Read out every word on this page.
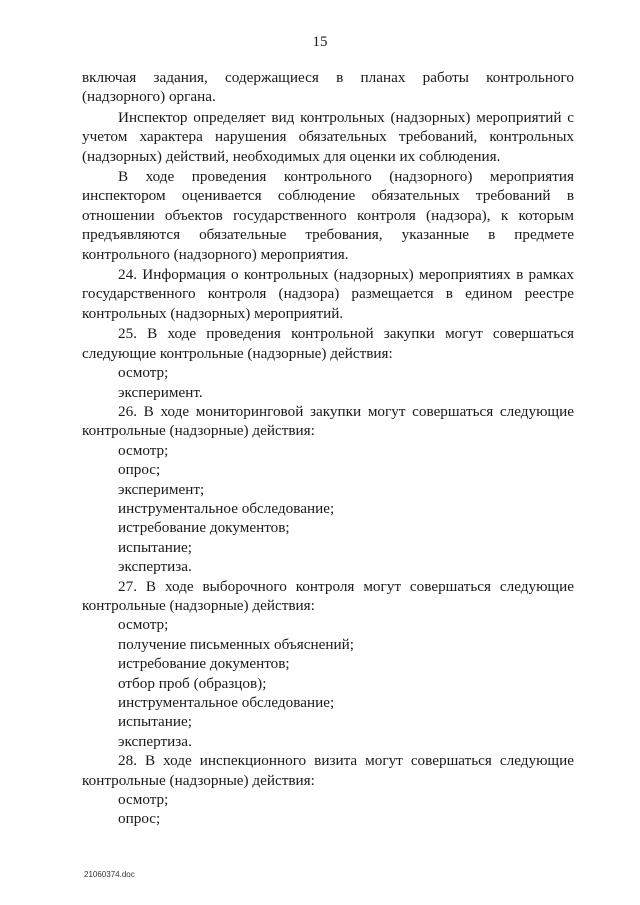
15

включая задания, содержащиеся в планах работы контрольного (надзорного) органа.

Инспектор определяет вид контрольных (надзорных) мероприятий с учетом характера нарушения обязательных требований, контрольных (надзорных) действий, необходимых для оценки их соблюдения.

В ходе проведения контрольного (надзорного) мероприятия инспектором оценивается соблюдение обязательных требований в отношении объектов государственного контроля (надзора), к которым предъявляются обязательные требования, указанные в предмете контрольного (надзорного) мероприятия.

24. Информация о контрольных (надзорных) мероприятиях в рамках государственного контроля (надзора) размещается в едином реестре контрольных (надзорных) мероприятий.

25. В ходе проведения контрольной закупки могут совершаться следующие контрольные (надзорные) действия:

осмотр;

эксперимент.

26. В ходе мониторинговой закупки могут совершаться следующие контрольные (надзорные) действия:

осмотр;

опрос;

эксперимент;

инструментальное обследование;

истребование документов;

испытание;

экспертиза.

27. В ходе выборочного контроля могут совершаться следующие контрольные (надзорные) действия:

осмотр;

получение письменных объяснений;

истребование документов;

отбор проб (образцов);

инструментальное обследование;

испытание;

экспертиза.

28. В ходе инспекционного визита могут совершаться следующие контрольные (надзорные) действия:

осмотр;

опрос;

21060374.doc
